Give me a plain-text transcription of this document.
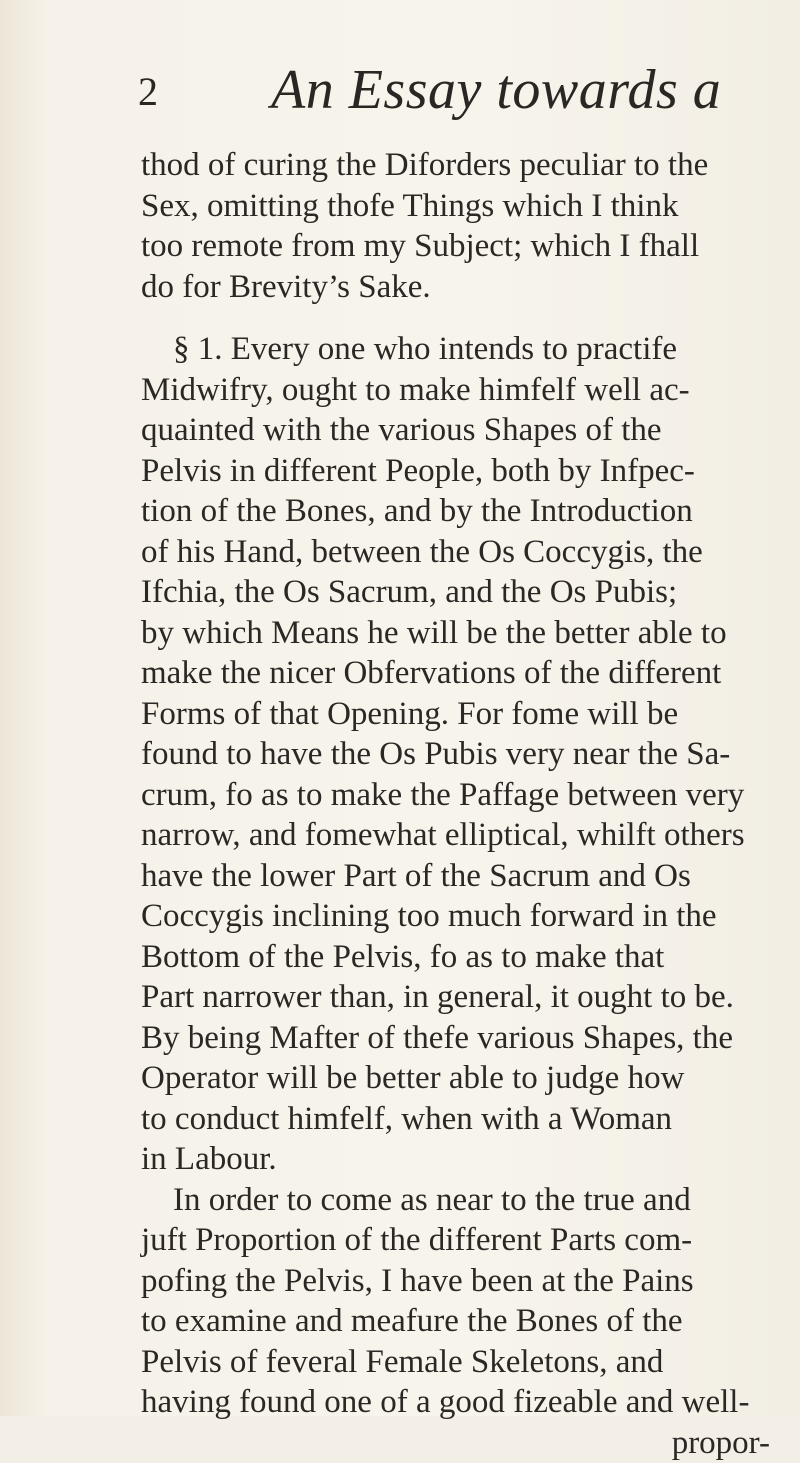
2 An Essay towards a
thod of curing the Diforders peculiar to the
Sex, omitting thofe Things which I think
too remote from my Subject; which I fhall
do for Brevity’s Sake.
§ 1. Every one who intends to practife
Midwifry, ought to make himfelf well ac-
quainted with the various Shapes of the
Pelvis in different People, both by Infpec-
tion of the Bones, and by the Introduction
of his Hand, between the Os Coccygis, the
Ifchia, the Os Sacrum, and the Os Pubis;
by which Means he will be the better able to
make the nicer Obfervations of the different
Forms of that Opening. For fome will be
found to have the Os Pubis very near the Sa-
crum, fo as to make the Paffage between very
narrow, and fomewhat elliptical, whilft others
have the lower Part of the Sacrum and Os
Coccygis inclining too much forward in the
Bottom of the Pelvis, fo as to make that
Part narrower than, in general, it ought to be.
By being Mafter of thefe various Shapes, the
Operator will be better able to judge how
to conduct himfelf, when with a Woman
in Labour.
In order to come as near to the true and
juft Proportion of the different Parts com-
pofing the Pelvis, I have been at the Pains
to examine and meafure the Bones of the
Pelvis of feveral Female Skeletons, and
having found one of a good fizeable and well-
propor-
